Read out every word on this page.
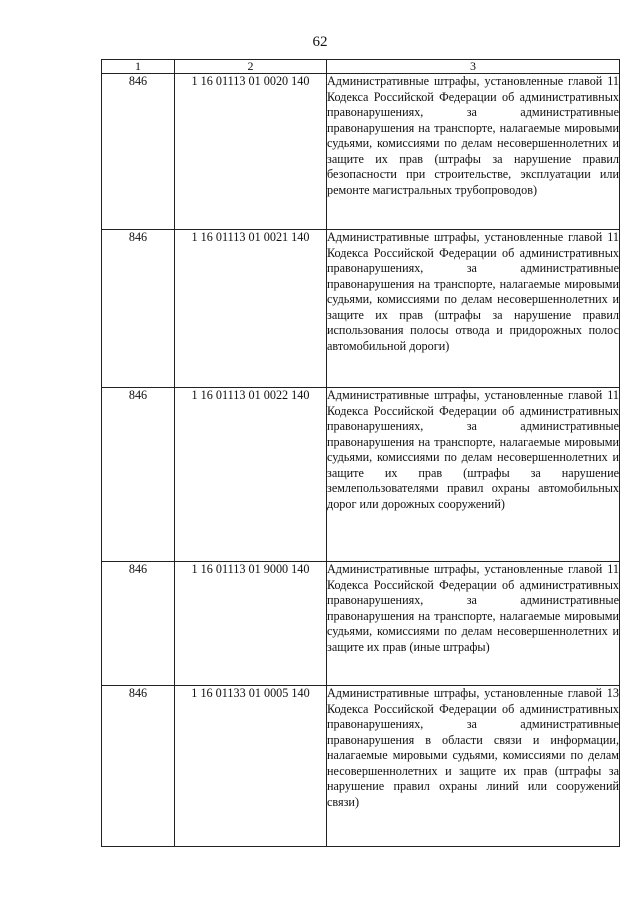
62
1	2	3
846	1 16 01113 01 0020 140	Административные штрафы, установленные главой 11 Кодекса Российской Федерации об административных правонарушениях, за административные правонарушения на транспорте, налагаемые мировыми судьями, комиссиями по делам несовершеннолетних и защите их прав (штрафы за нарушение правил безопасности при строительстве, эксплуатации или ремонте магистральных трубопроводов)
846	1 16 01113 01 0021 140	Административные штрафы, установленные главой 11 Кодекса Российской Федерации об административных правонарушениях, за административные правонарушения на транспорте, налагаемые мировыми судьями, комиссиями по делам несовершеннолетних и защите их прав (штрафы за нарушение правил использования полосы отвода и придорожных полос автомобильной дороги)
846	1 16 01113 01 0022 140	Административные штрафы, установленные главой 11 Кодекса Российской Федерации об административных правонарушениях, за административные правонарушения на транспорте, налагаемые мировыми судьями, комиссиями по делам несовершеннолетних и защите их прав (штрафы за нарушение землепользователями правил охраны автомобильных дорог или дорожных сооружений)
846	1 16 01113 01 9000 140	Административные штрафы, установленные главой 11 Кодекса Российской Федерации об административных правонарушениях, за административные правонарушения на транспорте, налагаемые мировыми судьями, комиссиями по делам несовершеннолетних и защите их прав (иные штрафы)
846	1 16 01133 01 0005 140	Административные штрафы, установленные главой 13 Кодекса Российской Федерации об административных правонарушениях, за административные правонарушения в области связи и информации, налагаемые мировыми судьями, комиссиями по делам несовершеннолетних и защите их прав (штрафы за нарушение правил охраны линий или сооружений связи)
